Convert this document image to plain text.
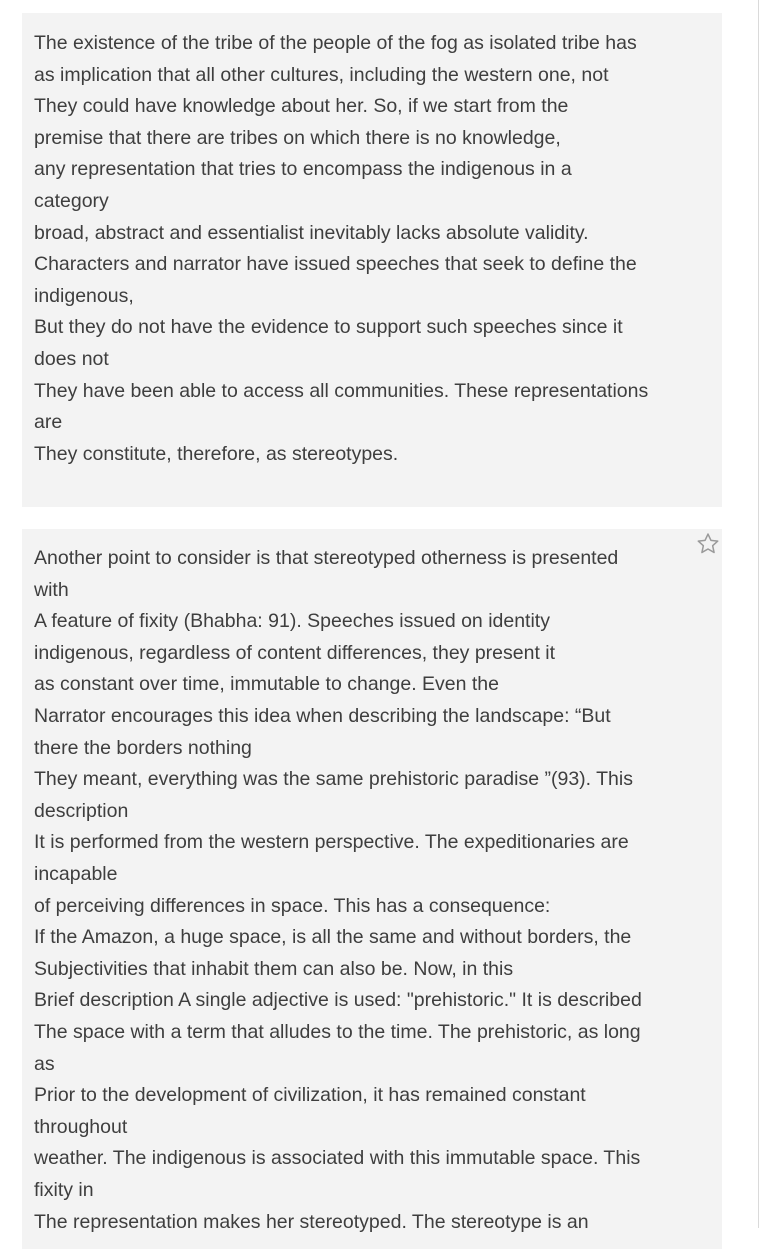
The existence of the tribe of the people of the fog as isolated tribe has
as implication that all other cultures, including the western one, not
They could have knowledge about her. So, if we start from the
premise that there are tribes on which there is no knowledge,
any representation that tries to encompass the indigenous in a
category
broad, abstract and essentialist inevitably lacks absolute validity.
Characters and narrator have issued speeches that seek to define the
indigenous,
But they do not have the evidence to support such speeches since it
does not
They have been able to access all communities. These representations
are
They constitute, therefore, as stereotypes.
Another point to consider is that stereotyped otherness is presented
with
A feature of fixity (Bhabha: 91). Speeches issued on identity
indigenous, regardless of content differences, they present it
as constant over time, immutable to change. Even the
Narrator encourages this idea when describing the landscape: “But
there the borders nothing
They meant, everything was the same prehistoric paradise ”(93). This
description
It is performed from the western perspective. The expeditionaries are
incapable
of perceiving differences in space. This has a consequence:
If the Amazon, a huge space, is all the same and without borders, the
Subjectivities that inhabit them can also be. Now, in this
Brief description A single adjective is used: "prehistoric." It is described
The space with a term that alludes to the time. The prehistoric, as long
as
Prior to the development of civilization, it has remained constant
throughout
weather. The indigenous is associated with this immutable space. This
fixity in
The representation makes her stereotyped. The stereotype is an
